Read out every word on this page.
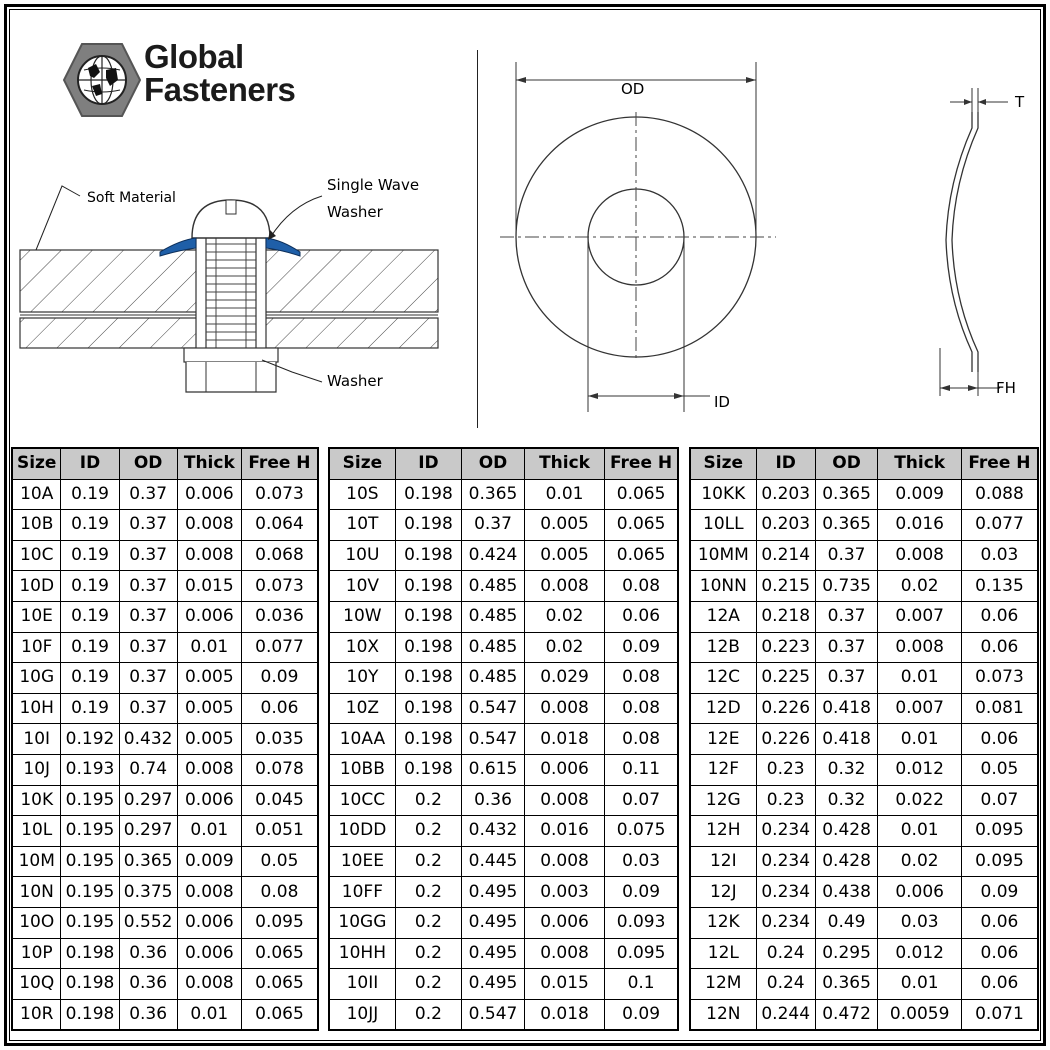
Global
Fasteners
Soft Material
Single Wave
Washer
Washer
OD
ID
T
FH
Size	ID	OD	Thick	Free H
10A	0.19	0.37	0.006	0.073
10B	0.19	0.37	0.008	0.064
10C	0.19	0.37	0.008	0.068
10D	0.19	0.37	0.015	0.073
10E	0.19	0.37	0.006	0.036
10F	0.19	0.37	0.01	0.077
10G	0.19	0.37	0.005	0.09
10H	0.19	0.37	0.005	0.06
10I	0.192	0.432	0.005	0.035
10J	0.193	0.74	0.008	0.078
10K	0.195	0.297	0.006	0.045
10L	0.195	0.297	0.01	0.051
10M	0.195	0.365	0.009	0.05
10N	0.195	0.375	0.008	0.08
10O	0.195	0.552	0.006	0.095
10P	0.198	0.36	0.006	0.065
10Q	0.198	0.36	0.008	0.065
10R	0.198	0.36	0.01	0.065
Size	ID	OD	Thick	Free H
10S	0.198	0.365	0.01	0.065
10T	0.198	0.37	0.005	0.065
10U	0.198	0.424	0.005	0.065
10V	0.198	0.485	0.008	0.08
10W	0.198	0.485	0.02	0.06
10X	0.198	0.485	0.02	0.09
10Y	0.198	0.485	0.029	0.08
10Z	0.198	0.547	0.008	0.08
10AA	0.198	0.547	0.018	0.08
10BB	0.198	0.615	0.006	0.11
10CC	0.2	0.36	0.008	0.07
10DD	0.2	0.432	0.016	0.075
10EE	0.2	0.445	0.008	0.03
10FF	0.2	0.495	0.003	0.09
10GG	0.2	0.495	0.006	0.093
10HH	0.2	0.495	0.008	0.095
10II	0.2	0.495	0.015	0.1
10JJ	0.2	0.547	0.018	0.09
Size	ID	OD	Thick	Free H
10KK	0.203	0.365	0.009	0.088
10LL	0.203	0.365	0.016	0.077
10MM	0.214	0.37	0.008	0.03
10NN	0.215	0.735	0.02	0.135
12A	0.218	0.37	0.007	0.06
12B	0.223	0.37	0.008	0.06
12C	0.225	0.37	0.01	0.073
12D	0.226	0.418	0.007	0.081
12E	0.226	0.418	0.01	0.06
12F	0.23	0.32	0.012	0.05
12G	0.23	0.32	0.022	0.07
12H	0.234	0.428	0.01	0.095
12I	0.234	0.428	0.02	0.095
12J	0.234	0.438	0.006	0.09
12K	0.234	0.49	0.03	0.06
12L	0.24	0.295	0.012	0.06
12M	0.24	0.365	0.01	0.06
12N	0.244	0.472	0.0059	0.071
